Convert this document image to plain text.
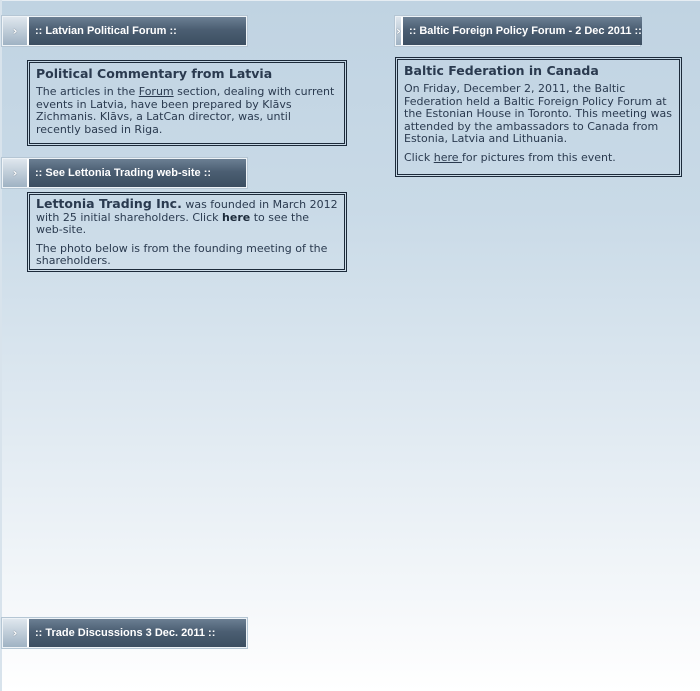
›	:: Latvian Political Forum ::
Political Commentary from Latvia

The articles in the Forum section, dealing with current events in Latvia, have been prepared by Klāvs Zichmanis. Klāvs, a LatCan director, was, until recently based in Riga.

›	:: See Lettonia Trading web-site ::

Lettonia Trading Inc. was founded in March 2012 with 25 initial shareholders. Click here to see the web-site.

The photo below is from the founding meeting of the shareholders.

› :: Baltic Foreign Policy Forum - 2 Dec 2011 ::
Baltic Federation in Canada

On Friday, December 2, 2011, the Baltic Federation held a Baltic Foreign Policy Forum at the Estonian House in Toronto. This meeting was attended by the ambassadors to Canada from Estonia, Latvia and Lithuania.

Click here for pictures from this event.

›	:: Trade Discussions 3 Dec. 2011 ::
